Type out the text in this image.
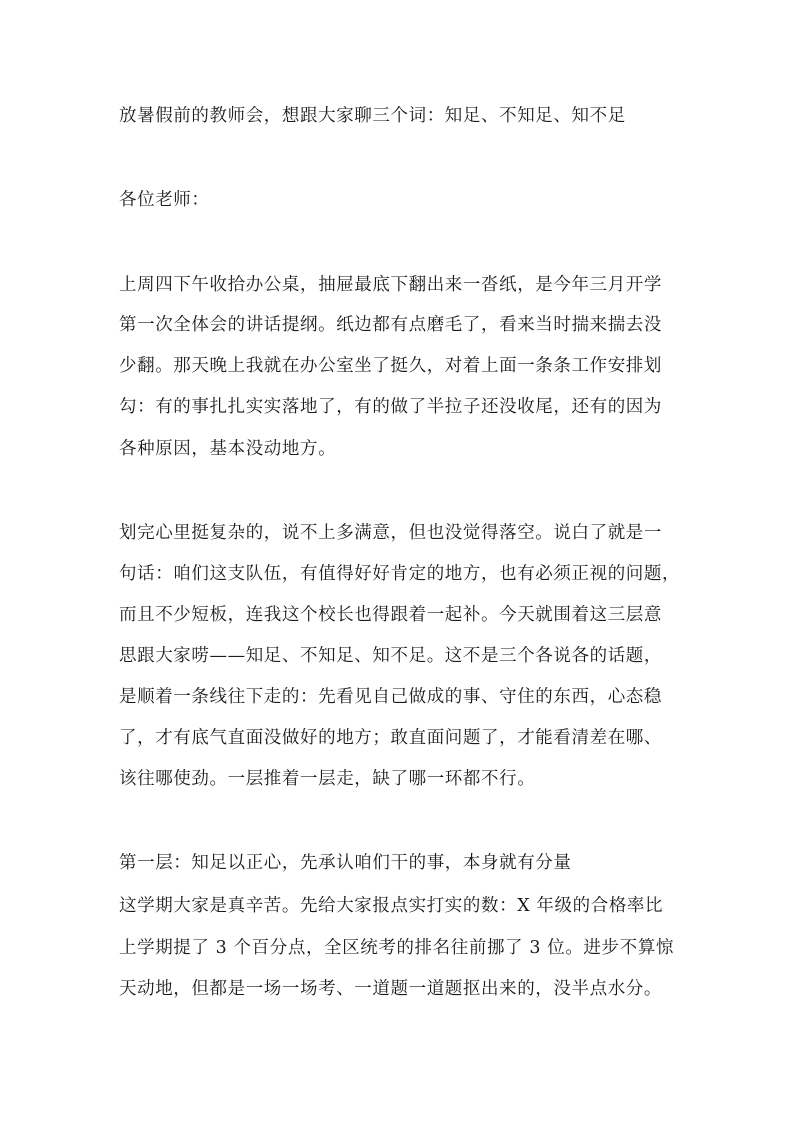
放暑假前的教师会，想跟大家聊三个词：知足、不知足、知不足
各位老师：
上周四下午收拾办公桌，抽屉最底下翻出来一沓纸，是今年三月开学
第一次全体会的讲话提纲。纸边都有点磨毛了，看来当时揣来揣去没
少翻。那天晚上我就在办公室坐了挺久，对着上面一条条工作安排划
勾：有的事扎扎实实落地了，有的做了半拉子还没收尾，还有的因为
各种原因，基本没动地方。
划完心里挺复杂的，说不上多满意，但也没觉得落空。说白了就是一
句话：咱们这支队伍，有值得好好肯定的地方，也有必须正视的问题，
而且不少短板，连我这个校长也得跟着一起补。今天就围着这三层意
思跟大家唠——知足、不知足、知不足。这不是三个各说各的话题，
是顺着一条线往下走的：先看见自己做成的事、守住的东西，心态稳
了，才有底气直面没做好的地方；敢直面问题了，才能看清差在哪、
该往哪使劲。一层推着一层走，缺了哪一环都不行。
第一层：知足以正心，先承认咱们干的事，本身就有分量
这学期大家是真辛苦。先给大家报点实打实的数：X 年级的合格率比
上学期提了 3 个百分点，全区统考的排名往前挪了 3 位。进步不算惊
天动地，但都是一场一场考、一道题一道题抠出来的，没半点水分。
